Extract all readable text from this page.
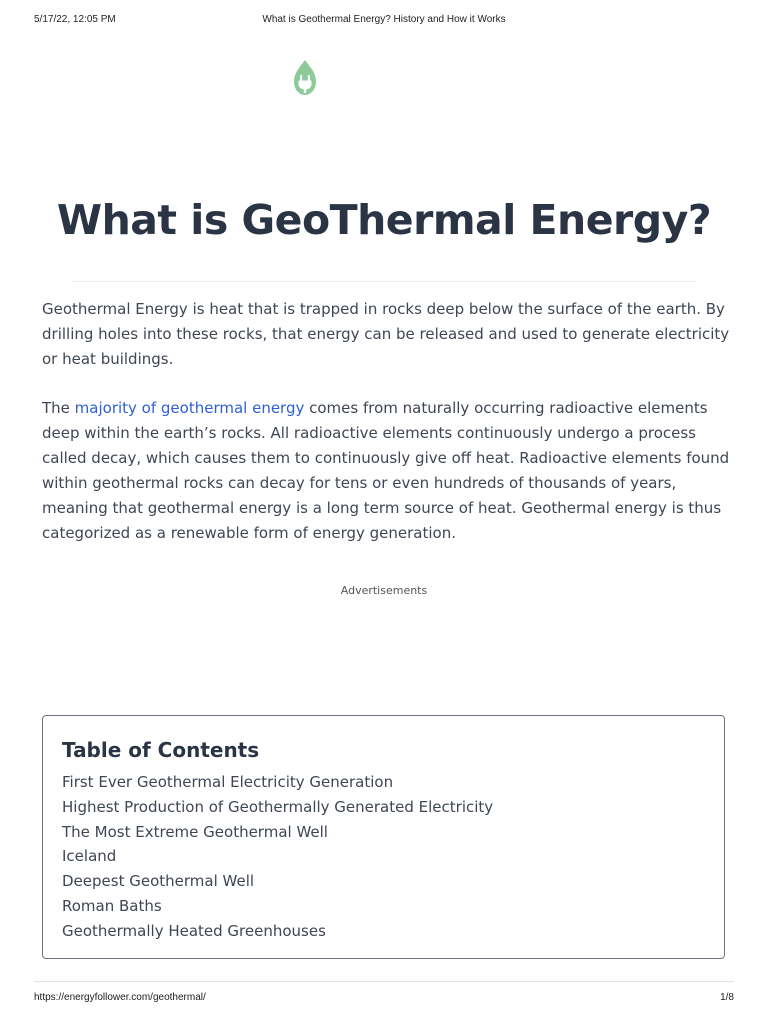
5/17/22, 12:05 PM	What is Geothermal Energy? History and How it Works
What is GeoThermal Energy?

Geothermal Energy is heat that is trapped in rocks deep below the surface of the earth. By drilling holes into these rocks, that energy can be released and used to generate electricity or heat buildings.

The majority of geothermal energy comes from naturally occurring radioactive elements deep within the earth’s rocks. All radioactive elements continuously undergo a process called decay, which causes them to continuously give off heat. Radioactive elements found within geothermal rocks can decay for tens or even hundreds of thousands of years, meaning that geothermal energy is a long term source of heat. Geothermal energy is thus categorized as a renewable form of energy generation.

Advertisements
Table of Contents
First Ever Geothermal Electricity Generation
Highest Production of Geothermally Generated Electricity
The Most Extreme Geothermal Well
Iceland
Deepest Geothermal Well
Roman Baths
Geothermally Heated Greenhouses
https://energyfollower.com/geothermal/	1/8
